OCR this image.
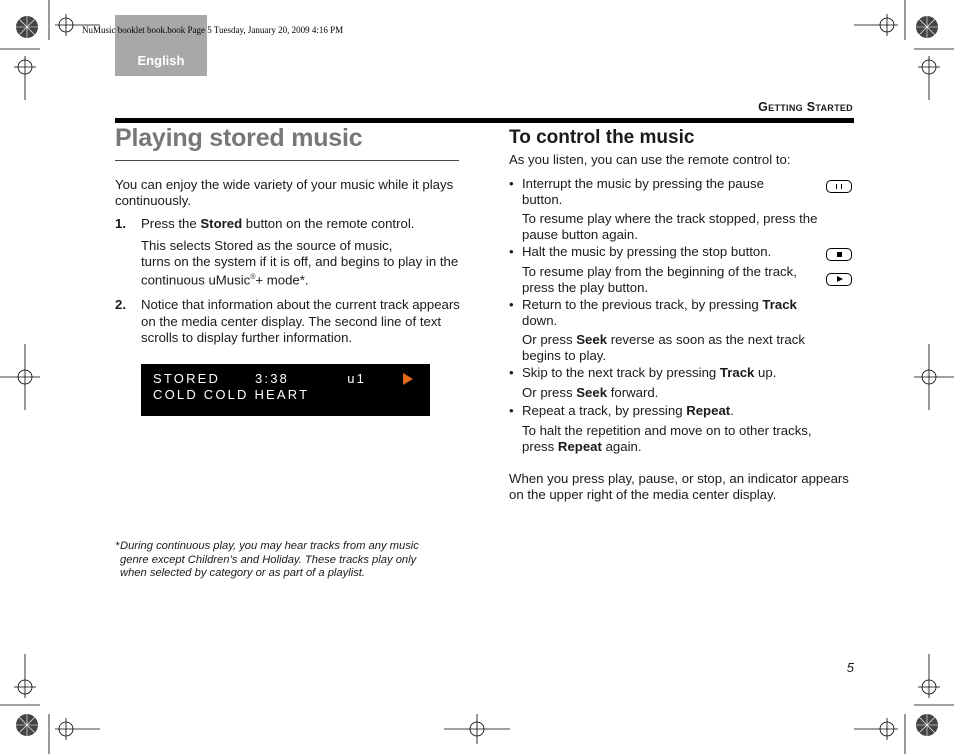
English
NuMusic booklet book.book Page 5 Tuesday, January 20, 2009 4:16 PM
Getting Started
Playing stored music
You can enjoy the wide variety of your music while it plays continuously.
1. Press the Stored button on the remote control.
This selects Stored as the source of music,
turns on the system if it is off, and begins to play in the continuous uMusic®+ mode*.
2. Notice that information about the current track appears on the media center display. The second line of text scrolls to display further information.
STORED      3:38          u1
COLD COLD HEART
* During continuous play, you may hear tracks from any music genre except Children’s and Holiday. These tracks play only when selected by category or as part of a playlist.
To control the music
As you listen, you can use the remote control to:
• Interrupt the music by pressing the pause button.
To resume play where the track stopped, press the pause button again.
• Halt the music by pressing the stop button.
To resume play from the beginning of the track, press the play button.
• Return to the previous track, by pressing Track down.
Or press Seek reverse as soon as the next track begins to play.
• Skip to the next track by pressing Track up.
Or press Seek forward.
• Repeat a track, by pressing Repeat.
To halt the repetition and move on to other tracks, press Repeat again.
When you press play, pause, or stop, an indicator appears on the upper right of the media center display.
5
